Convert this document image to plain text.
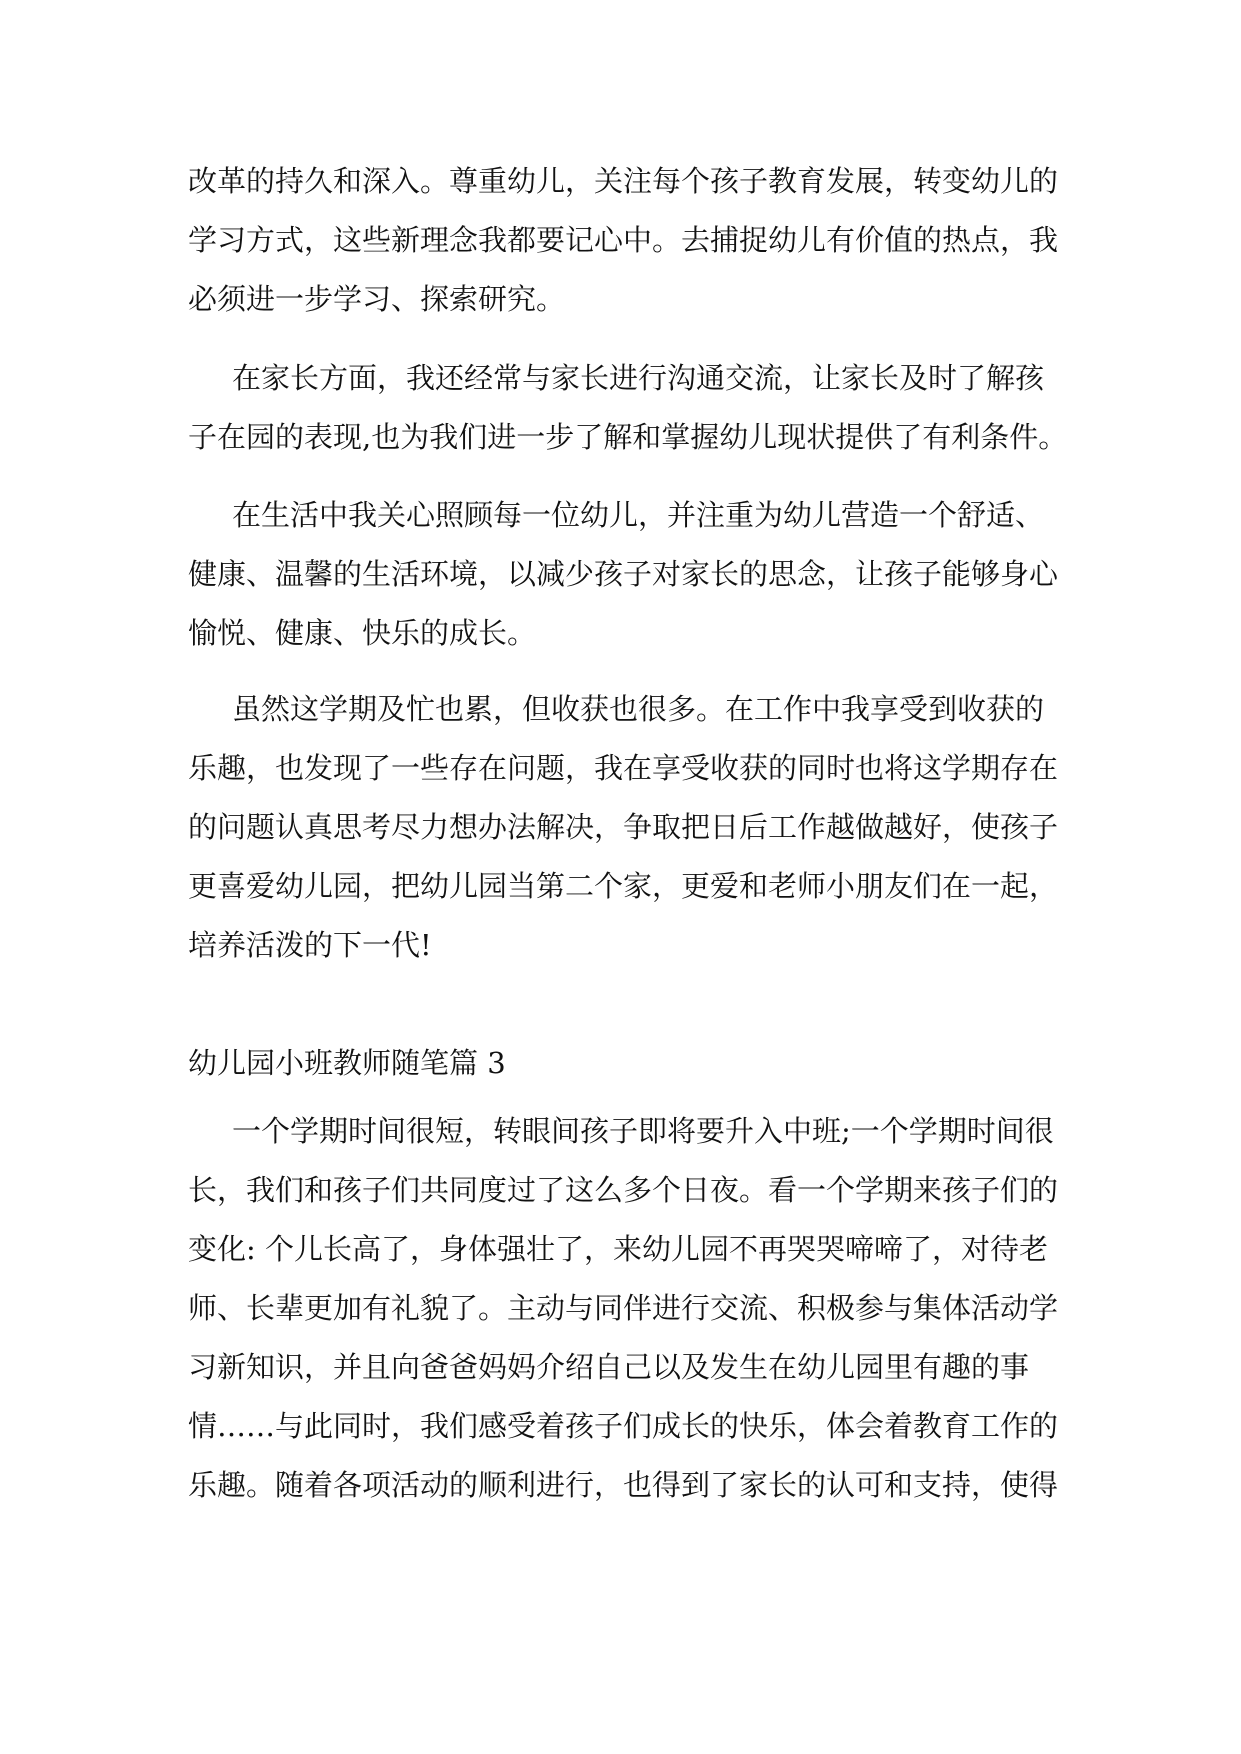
改革的持久和深入。尊重幼儿，关注每个孩子教育发展，转变幼儿的
学习方式，这些新理念我都要记心中。去捕捉幼儿有价值的热点，我
必须进一步学习、探索研究。
在家长方面，我还经常与家长进行沟通交流，让家长及时了解孩
子在园的表现,也为我们进一步了解和掌握幼儿现状提供了有利条件。
在生活中我关心照顾每一位幼儿，并注重为幼儿营造一个舒适、
健康、温馨的生活环境，以减少孩子对家长的思念，让孩子能够身心
愉悦、健康、快乐的成长。
虽然这学期及忙也累，但收获也很多。在工作中我享受到收获的
乐趣，也发现了一些存在问题，我在享受收获的同时也将这学期存在
的问题认真思考尽力想办法解决，争取把日后工作越做越好，使孩子
更喜爱幼儿园，把幼儿园当第二个家，更爱和老师小朋友们在一起，
培养活泼的下一代!
幼儿园小班教师随笔篇 3
一个学期时间很短，转眼间孩子即将要升入中班;一个学期时间很
长，我们和孩子们共同度过了这么多个日夜。看一个学期来孩子们的
变化: 个儿长高了，身体强壮了，来幼儿园不再哭哭啼啼了，对待老
师、长辈更加有礼貌了。主动与同伴进行交流、积极参与集体活动学
习新知识，并且向爸爸妈妈介绍自己以及发生在幼儿园里有趣的事
情……与此同时，我们感受着孩子们成长的快乐，体会着教育工作的
乐趣。随着各项活动的顺利进行，也得到了家长的认可和支持，使得
